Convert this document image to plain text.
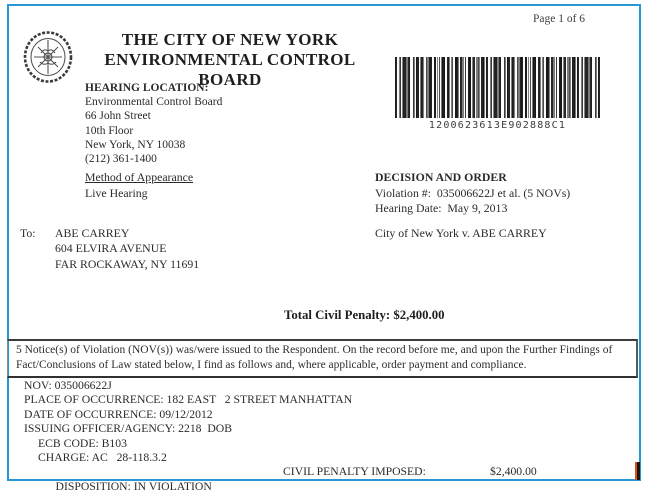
Page 1 of 6
THE CITY OF NEW YORK
ENVIRONMENTAL CONTROL BOARD
HEARING LOCATION:
Environmental Control Board
66 John Street
10th Floor
New York, NY 10038
(212) 361-1400
1200623613E902888C1
Method of Appearance
Live Hearing
DECISION AND ORDER
Violation #:  035006622J et al. (5 NOVs)
Hearing Date:  May 9, 2013
City of New York v. ABE CARREY
To: ABE CARREY
604 ELVIRA AVENUE
FAR ROCKAWAY, NY 11691
Total Civil Penalty: $2,400.00
5 Notice(s) of Violation (NOV(s)) was/were issued to the Respondent. On the record before me, and upon the Further Findings of Fact/Conclusions of Law stated below, I find as follows and, where applicable, order payment and compliance.
NOV: 035006622J
PLACE OF OCCURRENCE: 182 EAST   2 STREET MANHATTAN
DATE OF OCCURRENCE: 09/12/2012
ISSUING OFFICER/AGENCY: 2218  DOB
ECB CODE: B103
CHARGE: AC   28-118.3.2

DISPOSITION: IN VIOLATION

CIVIL PENALTY IMPOSED:

	$2,400.00
